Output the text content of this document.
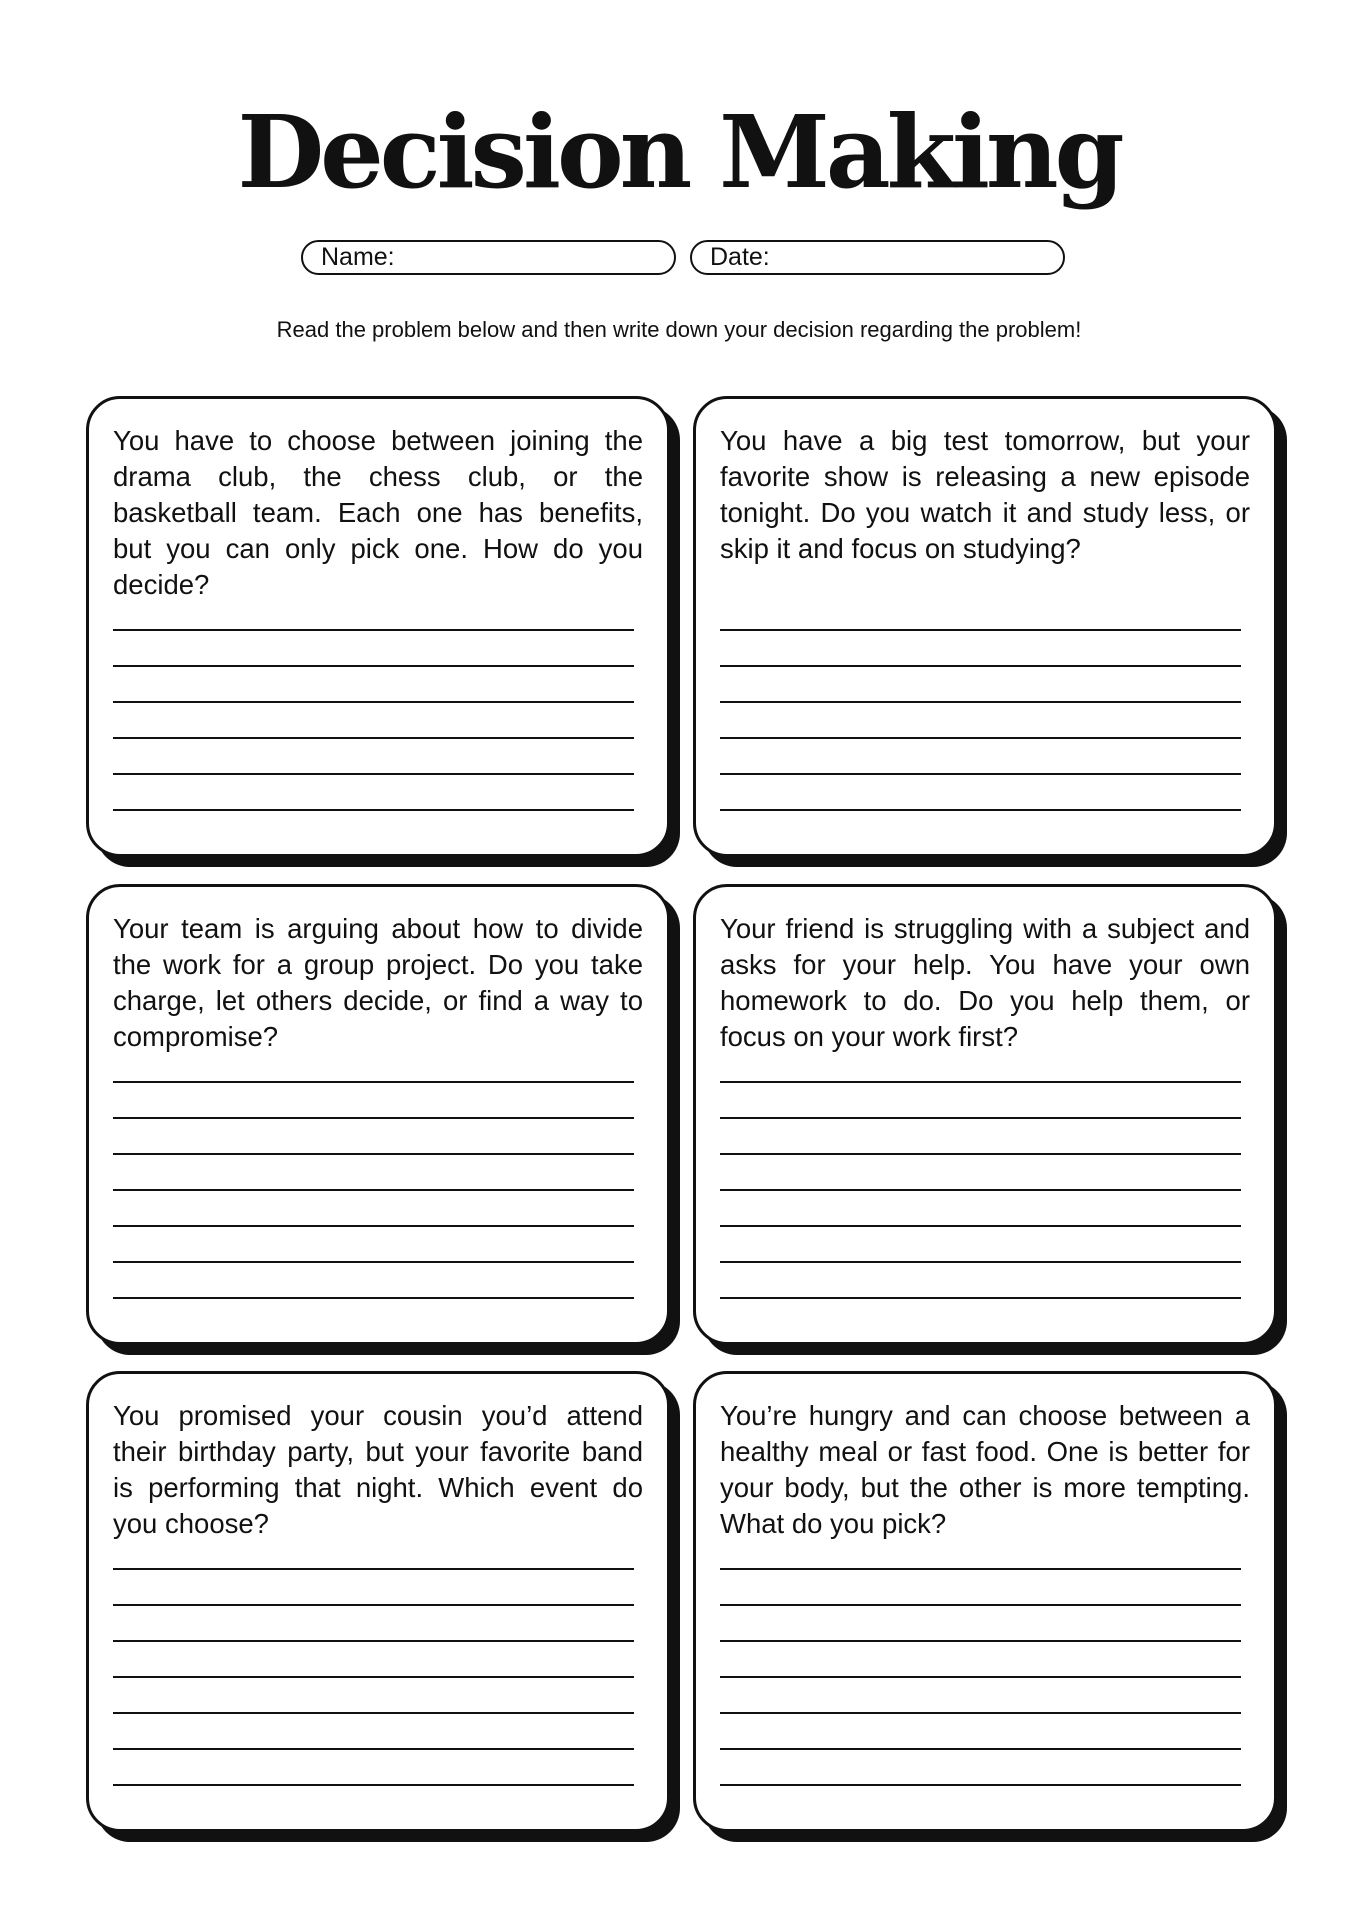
Decision Making
Name:	Date:
Read the problem below and then write down your decision regarding the problem!

You have to choose between joining the drama club, the chess club, or the basketball team. Each one has benefits, but you can only pick one. How do you decide?

You have a big test tomorrow, but your favorite show is releasing a new episode tonight. Do you watch it and study less, or skip it and focus on studying?

Your team is arguing about how to divide the work for a group project. Do you take charge, let others decide, or find a way to compromise?

Your friend is struggling with a subject and asks for your help. You have your own homework to do. Do you help them, or focus on your work first?

You promised your cousin you’d attend their birthday party, but your favorite band is performing that night. Which event do you choose?

You’re hungry and can choose between a healthy meal or fast food. One is better for your body, but the other is more tempting. What do you pick?
